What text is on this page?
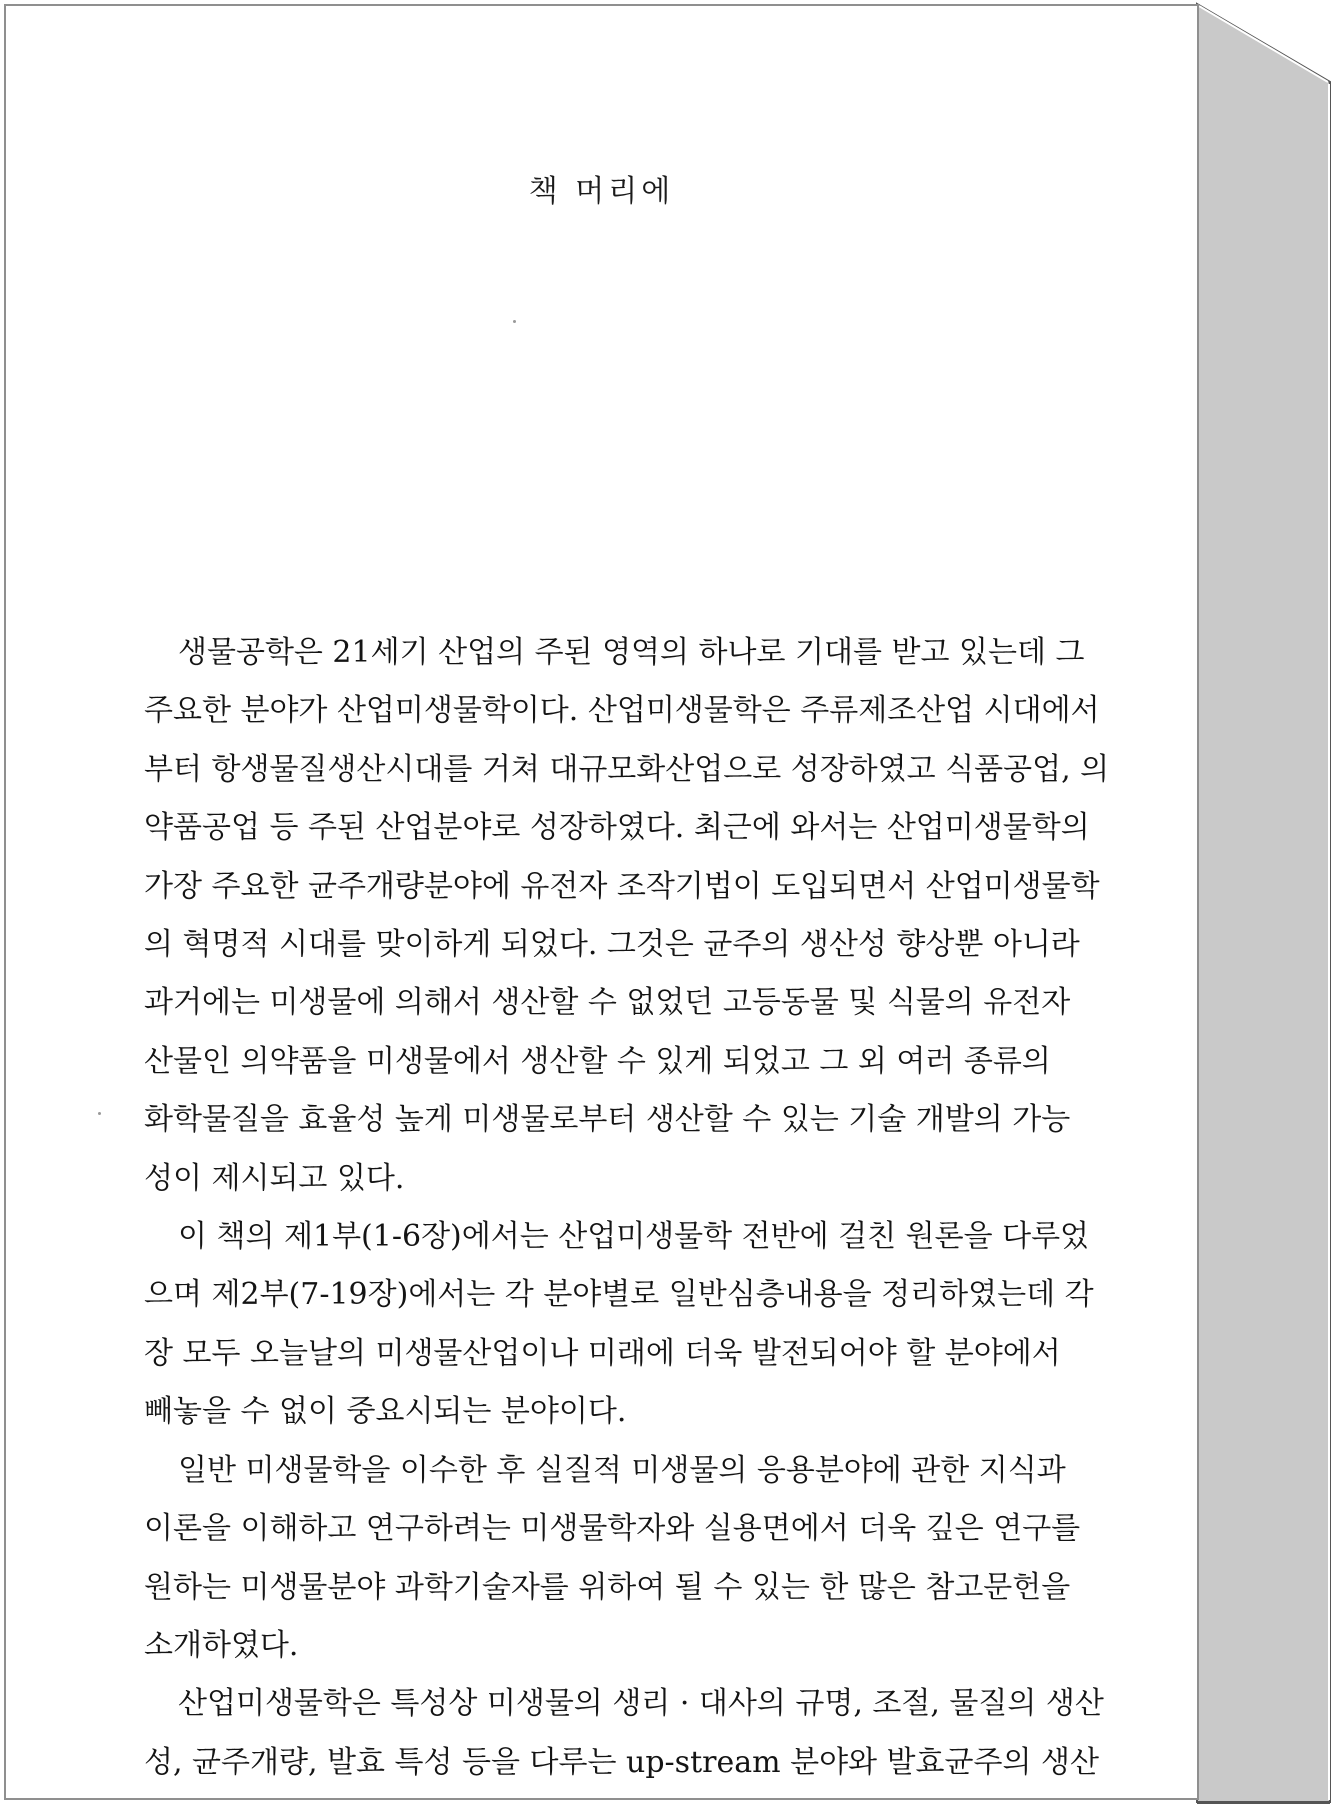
책 머리에

생물공학은 21세기 산업의 주된 영역의 하나로 기대를 받고 있는데 그
주요한 분야가 산업미생물학이다. 산업미생물학은 주류제조산업 시대에서
부터 항생물질생산시대를 거쳐 대규모화산업으로 성장하였고 식품공업, 의
약품공업 등 주된 산업분야로 성장하였다. 최근에 와서는 산업미생물학의
가장 주요한 균주개량분야에 유전자 조작기법이 도입되면서 산업미생물학
의 혁명적 시대를 맞이하게 되었다. 그것은 균주의 생산성 향상뿐 아니라
과거에는 미생물에 의해서 생산할 수 없었던 고등동물 및 식물의 유전자
산물인 의약품을 미생물에서 생산할 수 있게 되었고 그 외 여러 종류의
화학물질을 효율성 높게 미생물로부터 생산할 수 있는 기술 개발의 가능
성이 제시되고 있다.

이 책의 제1부(1-6장)에서는 산업미생물학 전반에 걸친 원론을 다루었
으며 제2부(7-19장)에서는 각 분야별로 일반심층내용을 정리하였는데 각
장 모두 오늘날의 미생물산업이나 미래에 더욱 발전되어야 할 분야에서
빼놓을 수 없이 중요시되는 분야이다.

일반 미생물학을 이수한 후 실질적 미생물의 응용분야에 관한 지식과
이론을 이해하고 연구하려는 미생물학자와 실용면에서 더욱 깊은 연구를
원하는 미생물분야 과학기술자를 위하여 될 수 있는 한 많은 참고문헌을
소개하였다.

산업미생물학은 특성상 미생물의 생리 · 대사의 규명, 조절, 물질의 생산
성, 균주개량, 발효 특성 등을 다루는 up-stream 분야와 발효균주의 생산
